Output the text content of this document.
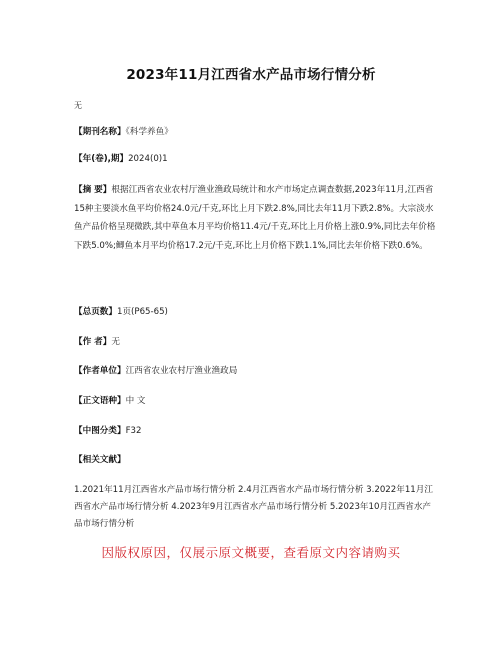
2023年11月江西省水产品市场行情分析
无
【期刊名称】《科学养鱼》
【年(卷),期】2024(0)1
【摘 要】根据江西省农业农村厅渔业渔政局统计和水产市场定点调查数据,2023年11月,江西省15种主要淡水鱼平均价格24.0元/千克,环比上月下跌2.8%,同比去年11月下跌2.8%。大宗淡水鱼产品价格呈现微跌,其中草鱼本月平均价格11.4元/千克,环比上月价格上涨0.9%,同比去年价格下跌5.0%;鲫鱼本月平均价格17.2元/千克,环比上月价格下跌1.1%,同比去年价格下跌0.6%。
【总页数】1页(P65-65)
【作 者】无
【作者单位】江西省农业农村厅渔业渔政局
【正文语种】中 文
【中图分类】F32
【相关文献】
1.2021年11月江西省水产品市场行情分析 2.4月江西省水产品市场行情分析 3.2022年11月江西省水产品市场行情分析 4.2023年9月江西省水产品市场行情分析 5.2023年10月江西省水产品市场行情分析
因版权原因，仅展示原文概要，查看原文内容请购买
